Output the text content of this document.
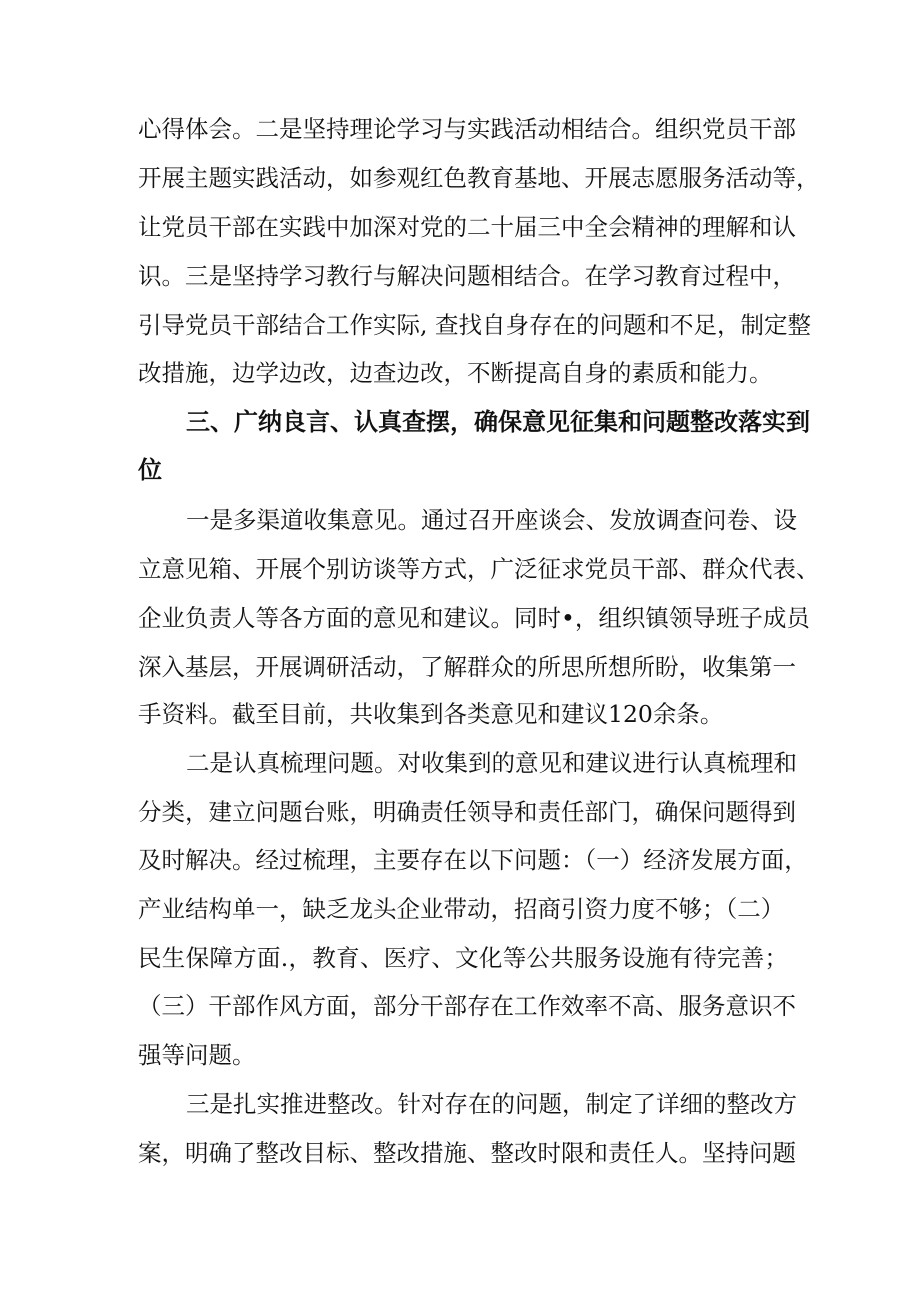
心得体会。二是坚持理论学习与实践活动相结合。组织党员干部
开展主题实践活动，如参观红色教育基地、开展志愿服务活动等，
让党员干部在实践中加深对党的二十届三中全会精神的理解和认
识。三是坚持学习教行与解决问题相结合。在学习教育过程中，
引导党员干部结合工作实际, 查找自身存在的问题和不足，制定整
改措施，边学边改，边查边改，不断提高自身的素质和能力。
三、广纳良言、认真查摆，确保意见征集和问题整改落实到
位
一是多渠道收集意见。通过召开座谈会、发放调查问卷、设
立意见箱、开展个别访谈等方式，广泛征求党员干部、群众代表、
企业负责人等各方面的意见和建议。同时•，组织镇领导班子成员
深入基层，开展调研活动，了解群众的所思所想所盼，收集第一
手资料。截至目前，共收集到各类意见和建议120余条。
二是认真梳理问题。对收集到的意见和建议进行认真梳理和
分类，建立问题台账，明确责任领导和责任部门，确保问题得到
及时解决。经过梳理，主要存在以下问题：（一）经济发展方面，
产业结构单一，缺乏龙头企业带动，招商引资力度不够；（二）
民生保障方面.，教育、医疗、文化等公共服务设施有待完善；
（三）干部作风方面，部分干部存在工作效率不高、服务意识不
强等问题。
三是扎实推进整改。针对存在的问题，制定了详细的整改方
案，明确了整改目标、整改措施、整改时限和责任人。坚持问题
